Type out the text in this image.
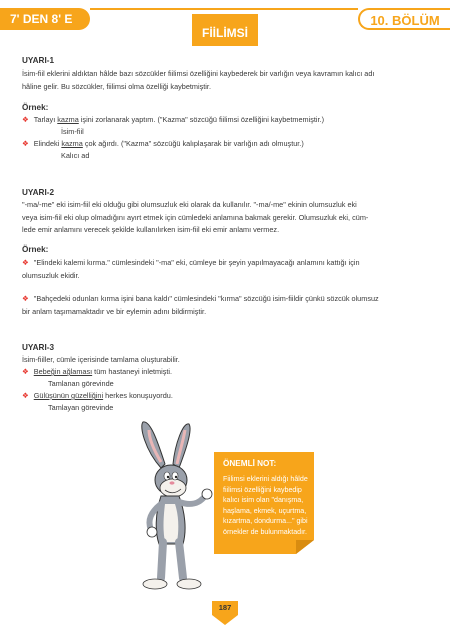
7' DEN 8' E
FİİLİMSİ
10. BÖLÜM
UYARI-1
İsim-fiil eklerini aldıktan hâlde bazı sözcükler fiilimsi özelliğini kaybederek bir varlığın veya kavramın kalıcı adı
hâline gelir. Bu sözcükler, fiilimsi olma özelliği kaybetmiştir.
Örnek:
❖ Tarlayı kazma işini zorlanarak yaptım. ("Kazma" sözcüğü fiilimsi özelliğini kaybetmemiştir.)
İsim-fiil
❖ Elindeki kazma çok ağırdı. ("Kazma" sözcüğü kalıplaşarak bir varlığın adı olmuştur.)
Kalıcı ad
UYARI-2
"-ma/-me" eki isim-fiil eki olduğu gibi olumsuzluk eki olarak da kullanılır. "-ma/-me" ekinin olumsuzluk eki
veya isim-fiil eki olup olmadığını ayırt etmek için cümledeki anlamına bakmak gerekir. Olumsuzluk eki, cüm-
lede emir anlamını verecek şekilde kullanılırken isim-fiil eki emir anlamı vermez.
Örnek:
❖ "Elindeki kalemi kırma." cümlesindeki "-ma" eki, cümleye bir şeyin yapılmayacağı anlamını kattığı için
olumsuzluk ekidir.
❖ "Bahçedeki odunları kırma işini bana kaldı" cümlesindeki "kırma" sözcüğü isim-fiildir çünkü sözcük olumsuz
bir anlam taşımamaktadır ve bir eylemin adını bildirmiştir.
UYARI-3
İsim-fiiller, cümle içerisinde tamlama oluşturabilir.
❖ Bebeğin ağlaması tüm hastaneyi inletmişti.
Tamlanan görevinde
❖ Gülüşünün güzelliğini herkes konuşuyordu.
Tamlayan görevinde
ÖNEMLİ NOT:
Fiilimsi eklerini aldığı hâlde
fiilimsi özelliğini kaybedip
kalıcı isim olan "danışma,
haşlama, ekmek, uçurtma,
kızartma, dondurma..." gibi
örnekler de bulunmaktadır.
187
